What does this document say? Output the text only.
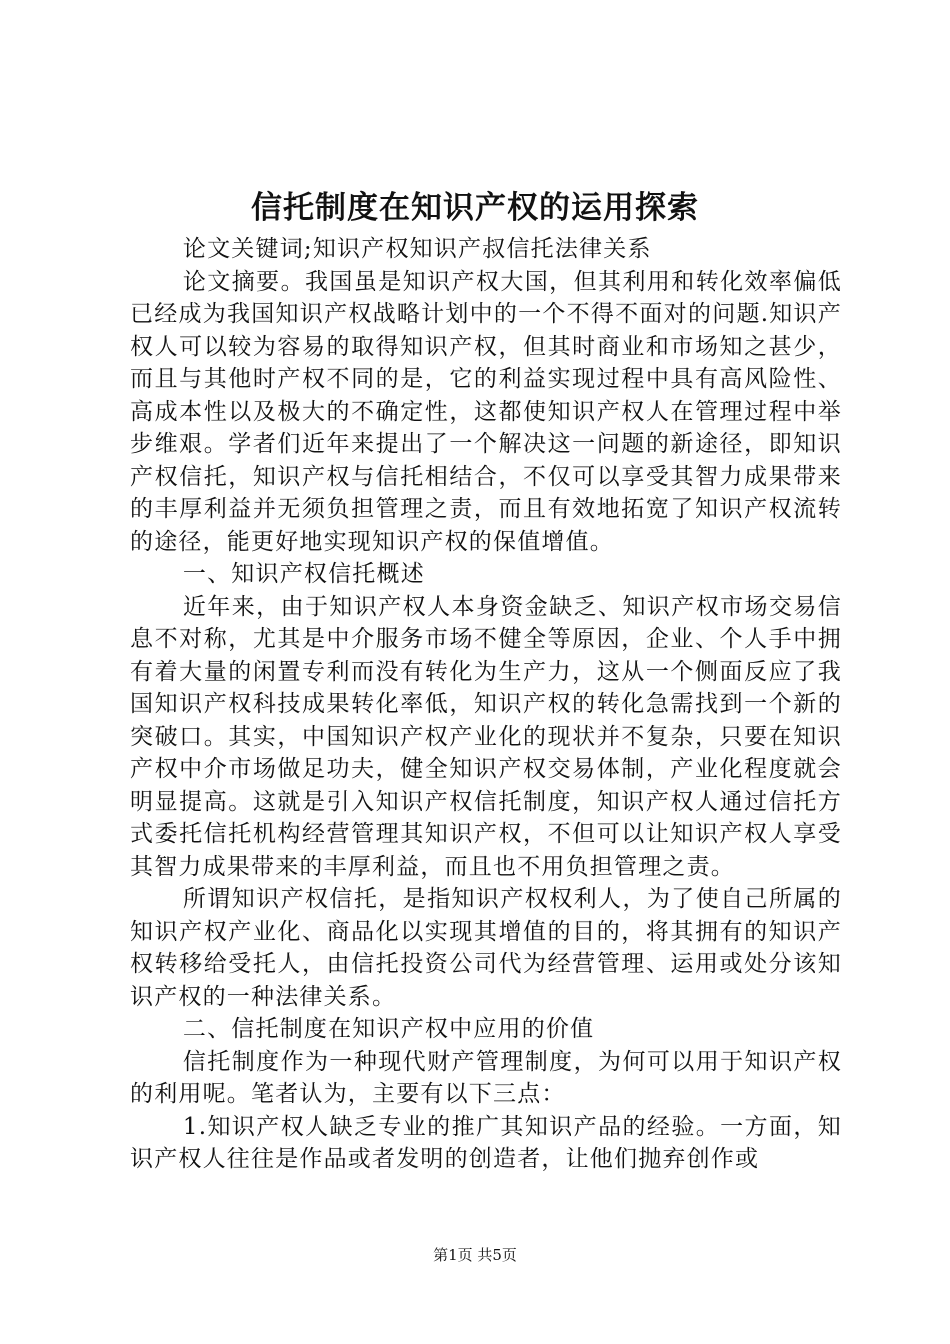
信托制度在知识产权的运用探索

论文关键词;知识产权知识产叔信托法律关系

论文摘要。我国虽是知识产权大国，但其利用和转化效率偏低已经成为我国知识产权战略计划中的一个不得不面对的问题.知识产权人可以较为容易的取得知识产权，但其时商业和市场知之甚少，而且与其他时产权不同的是，它的利益实现过程中具有高风险性、高成本性以及极大的不确定性，这都使知识产权人在管理过程中举步维艰。学者们近年来提出了一个解决这一问题的新途径，即知识产权信托，知识产权与信托相结合，不仅可以享受其智力成果带来的丰厚利益并无须负担管理之责，而且有效地拓宽了知识产权流转的途径，能更好地实现知识产权的保值增值。

一、知识产权信托概述

近年来，由于知识产权人本身资金缺乏、知识产权市场交易信息不对称，尤其是中介服务市场不健全等原因，企业、个人手中拥有着大量的闲置专利而没有转化为生产力，这从一个侧面反应了我国知识产权科技成果转化率低，知识产权的转化急需找到一个新的突破口。其实，中国知识产权产业化的现状并不复杂，只要在知识产权中介市场做足功夫，健全知识产权交易体制，产业化程度就会明显提高。这就是引入知识产权信托制度，知识产权人通过信托方式委托信托机构经营管理其知识产权，不但可以让知识产权人享受其智力成果带来的丰厚利益，而且也不用负担管理之责。

所谓知识产权信托，是指知识产权权利人，为了使自己所属的知识产权产业化、商品化以实现其增值的目的，将其拥有的知识产权转移给受托人，由信托投资公司代为经营管理、运用或处分该知识产权的一种法律关系。

二、信托制度在知识产权中应用的价值

信托制度作为一种现代财产管理制度，为何可以用于知识产权的利用呢。笔者认为，主要有以下三点：

1.知识产权人缺乏专业的推广其知识产品的经验。一方面，知识产权人往往是作品或者发明的创造者，让他们抛弃创作或

第1页 共5页
